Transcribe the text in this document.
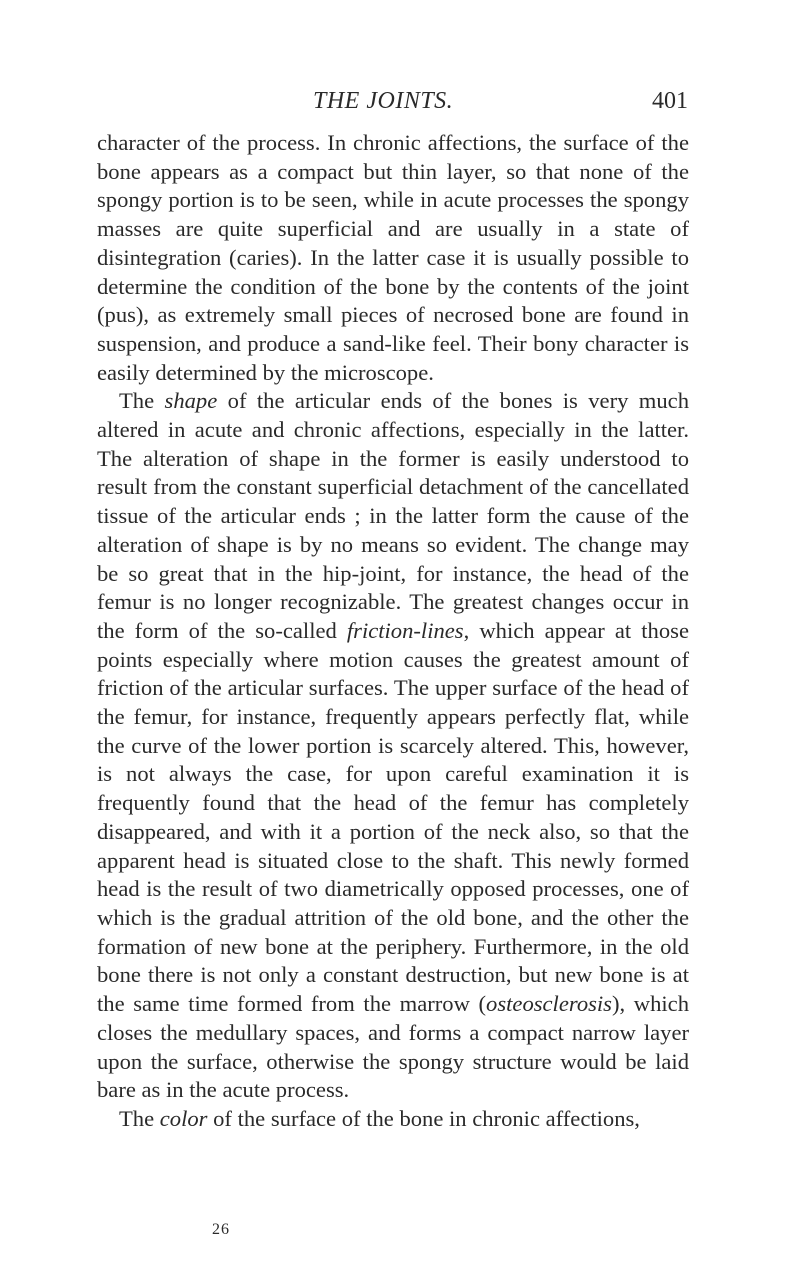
THE JOINTS.	401

character of the process. In chronic affections, the surface of the bone appears as a compact but thin layer, so that none of the spongy portion is to be seen, while in acute processes the spongy masses are quite superficial and are usually in a state of disintegration (caries). In the latter case it is usually possible to determine the condition of the bone by the contents of the joint (pus), as extremely small pieces of necrosed bone are found in suspension, and produce a sand-like feel. Their bony character is easily determined by the microscope.

The shape of the articular ends of the bones is very much altered in acute and chronic affections, especially in the latter. The alteration of shape in the former is easily understood to result from the constant superficial detachment of the cancellated tissue of the articular ends ; in the latter form the cause of the alteration of shape is by no means so evident. The change may be so great that in the hip-joint, for instance, the head of the femur is no longer recognizable. The greatest changes occur in the form of the so-called friction-lines, which appear at those points especially where motion causes the greatest amount of friction of the articular surfaces. The upper surface of the head of the femur, for instance, frequently appears perfectly flat, while the curve of the lower portion is scarcely altered. This, however, is not always the case, for upon careful examination it is frequently found that the head of the femur has completely disappeared, and with it a portion of the neck also, so that the apparent head is situated close to the shaft. This newly formed head is the result of two diametrically opposed processes, one of which is the gradual attrition of the old bone, and the other the formation of new bone at the periphery. Furthermore, in the old bone there is not only a constant destruction, but new bone is at the same time formed from the marrow (osteosclerosis), which closes the medullary spaces, and forms a compact narrow layer upon the surface, otherwise the spongy structure would be laid bare as in the acute process.

The color of the surface of the bone in chronic affections,

26
